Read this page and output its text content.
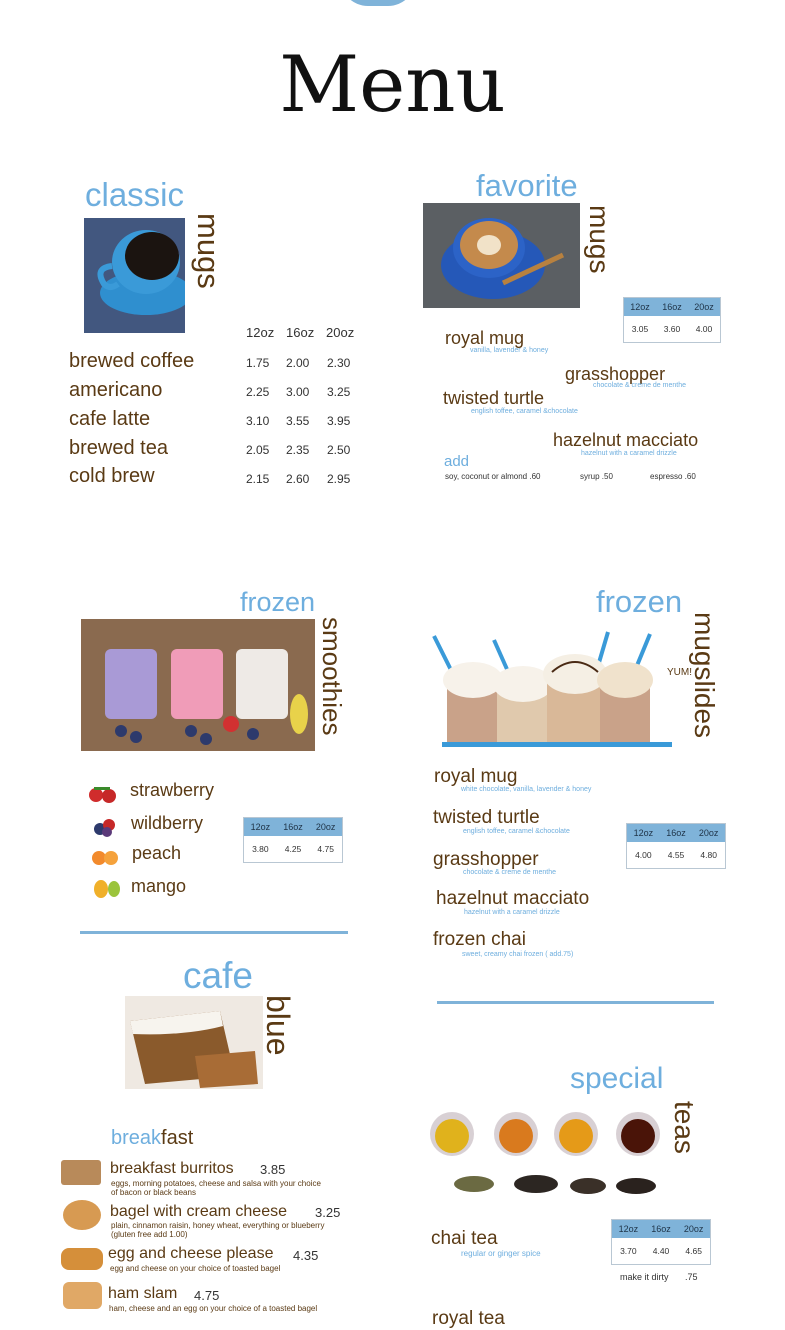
Menu
classic
mugs
12oz 16oz 20oz
brewed coffee	1.75 2.00 2.30
americano	2.25 3.00 3.25
cafe latte	3.10 3.55 3.95
brewed tea	2.05 2.35 2.50
cold brew	2.15 2.60 2.95
favorite
mugs
12oz	16oz	20oz
3.05	3.60	4.00
royal mug
vanilla, lavender & honey
grasshopper
chocolate & creme de menthe
twisted turtle
english toffee, caramel &chocolate
hazelnut macciato
hazelnut with a caramel drizzle
add
soy, coconut or almond .60	syrup .50	espresso .60
frozen
smoothies
strawberry
wildberry
peach
mango
12oz	16oz	20oz
3.80	4.25	4.75
frozen
YUM!
mugslides
royal mug
white chocolate, vanilla, lavender & honey
twisted turtle
english toffee, caramel &chocolate
grasshopper
chocolate & creme de menthe
hazelnut macciato
hazelnut with a caramel drizzle
frozen chai
sweet, creamy chai frozen ( add.75)
12oz	16oz	20oz
4.00	4.55	4.80
cafe
blue
breakfast
breakfast burritos 3.85
eggs, morning potatoes, cheese and salsa with your choice of bacon or black beans
bagel with cream cheese 3.25
plain, cinnamon raisin, honey wheat, everything or blueberry (gluten free add 1.00)
egg and cheese please 4.35
egg and cheese on your choice of toasted bagel
ham slam 4.75
ham, cheese and an egg on your choice of a toasted bagel
special
teas
chai tea
regular or ginger spice
12oz	16oz	20oz
3.70	4.40	4.65
make it dirty .75
royal tea
